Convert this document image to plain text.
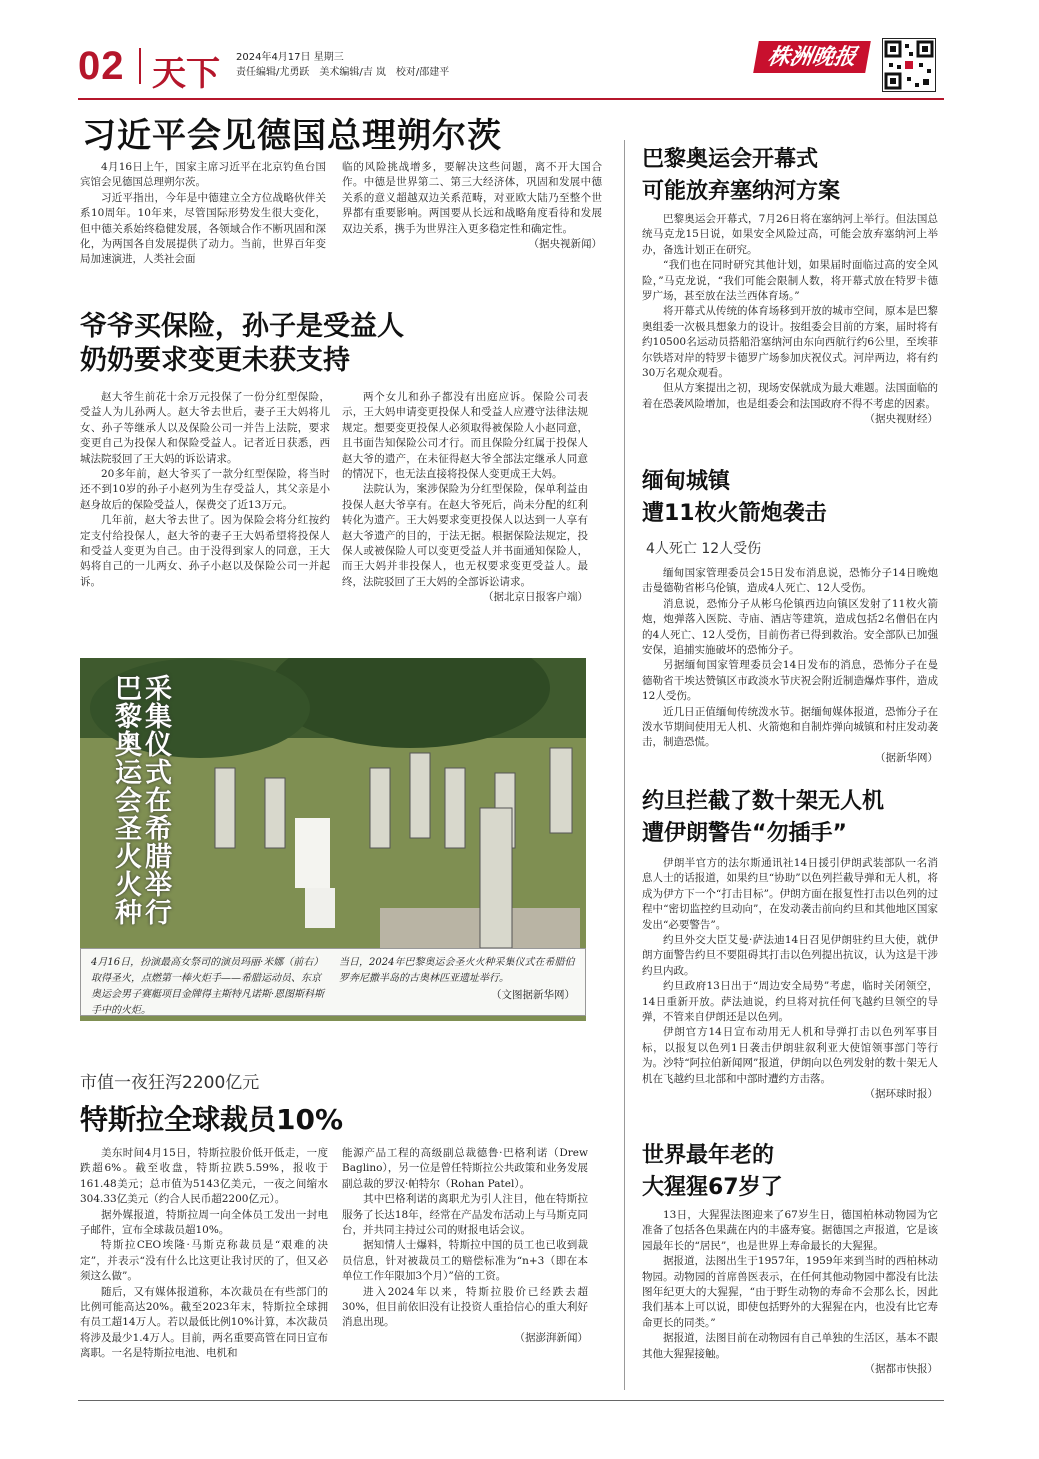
02 天下 2024年4月17日 星期三
责任编辑/尤勇跃　美术编辑/吉 岚　校对/邵建平
株洲晚报
习近平会见德国总理朔尔茨

4月16日上午，国家主席习近平在北京钓鱼台国宾馆会见德国总理朔尔茨。

习近平指出，今年是中德建立全方位战略伙伴关系10周年。10年来，尽管国际形势发生很大变化，但中德关系始终稳健发展，各领域合作不断巩固和深化，为两国各自发展提供了动力。当前，世界百年变局加速演进，人类社会面

临的风险挑战增多，要解决这些问题，离不开大国合作。中德是世界第二、第三大经济体，巩固和发展中德关系的意义超越双边关系范畴，对亚欧大陆乃至整个世界都有重要影响。两国要从长远和战略角度看待和发展双边关系，携手为世界注入更多稳定性和确定性。

（据央视新闻）
爷爷买保险，孙子是受益人
奶奶要求变更未获支持

赵大爷生前花十余万元投保了一份分红型保险，受益人为儿孙两人。赵大爷去世后，妻子王大妈将儿女、孙子等继承人以及保险公司一并告上法院，要求变更自己为投保人和保险受益人。记者近日获悉，西城法院驳回了王大妈的诉讼请求。

20多年前，赵大爷买了一款分红型保险，将当时还不到10岁的孙子小赵列为生存受益人，其父亲是小赵身故后的保险受益人，保费交了近13万元。

几年前，赵大爷去世了。因为保险会将分红按约定支付给投保人，赵大爷的妻子王大妈希望将投保人和受益人变更为自己。由于没得到家人的同意，王大妈将自己的一儿两女、孙子小赵以及保险公司一并起诉。

两个女儿和孙子都没有出庭应诉。保险公司表示，王大妈申请变更投保人和受益人应遵守法律法规规定。想要变更投保人必须取得被保险人小赵同意，且书面告知保险公司才行。而且保险分红属于投保人赵大爷的遗产，在未征得赵大爷全部法定继承人同意的情况下，也无法直接将投保人变更成王大妈。

法院认为，案涉保险为分红型保险，保单利益由投保人赵大爷享有。在赵大爷死后，尚未分配的红利转化为遗产。王大妈要求变更投保人以达到一人享有赵大爷遗产的目的，于法无据。根据保险法规定，投保人或被保险人可以变更受益人并书面通知保险人，而王大妈并非投保人，也无权要求变更受益人。最终，法院驳回了王大妈的全部诉讼请求。

（据北京日报客户端）
巴黎奥运会圣火火种 采集仪式在希腊举行
4月16日，扮演最高女祭司的演员玛丽·米娜（前右）取得圣火，点燃第一棒火炬手——希腊运动员、东京奥运会男子赛艇项目金牌得主斯特凡诺斯·恩图斯科斯手中的火炬。
当日，2024年巴黎奥运会圣火火种采集仪式在希腊伯罗奔尼撒半岛的古奥林匹亚遗址举行。
（文图据新华网）
市值一夜狂泻2200亿元
特斯拉全球裁员10%

美东时间4月15日，特斯拉股价低开低走，一度跌超6%。截至收盘，特斯拉跌5.59%，报收于161.48美元；总市值为5143亿美元，一夜之间缩水304.33亿美元（约合人民币超2200亿元）。

据外媒报道，特斯拉周一向全体员工发出一封电子邮件，宣布全球裁员超10%。

特斯拉CEO埃隆·马斯克称裁员是“艰难的决定”，并表示“没有什么比这更让我讨厌的了，但又必须这么做”。

随后，又有媒体报道称，本次裁员在有些部门的比例可能高达20%。截至2023年末，特斯拉全球拥有员工超14万人。若以最低比例10%计算，本次裁员将涉及最少1.4万人。目前，两名重要高管在同日宣布离职。一名是特斯拉电池、电机和

能源产品工程的高级副总裁德鲁·巴格利诺（Drew Baglino），另一位是曾任特斯拉公共政策和业务发展副总裁的罗汉·帕特尔（Rohan Patel）。

其中巴格利诺的离职尤为引人注目，他在特斯拉服务了长达18年，经常在产品发布活动上与马斯克同台，并共同主持过公司的财报电话会议。

据知情人士爆料，特斯拉中国的员工也已收到裁员信息，针对被裁员工的赔偿标准为“n+3（即在本单位工作年限加3个月）”倍的工资。

进入2024年以来，特斯拉股价已经跌去超30%，但目前依旧没有让投资人重拾信心的重大利好消息出现。

（据澎湃新闻）
巴黎奥运会开幕式
可能放弃塞纳河方案

巴黎奥运会开幕式，7月26日将在塞纳河上举行。但法国总统马克龙15日说，如果安全风险过高，可能会放弃塞纳河上举办，备选计划正在研究。

“我们也在同时研究其他计划，如果届时面临过高的安全风险，”马克龙说，“我们可能会限制人数，将开幕式放在特罗卡德罗广场，甚至放在法兰西体育场。”

将开幕式从传统的体育场移到开放的城市空间，原本是巴黎奥组委一次极具想象力的设计。按组委会目前的方案，届时将有约10500名运动员搭船沿塞纳河由东向西航行约6公里，至埃菲尔铁塔对岸的特罗卡德罗广场参加庆祝仪式。河岸两边，将有约30万名观众观看。

但从方案提出之初，现场安保就成为最大难题。法国面临的着在恐袭风险增加，也是组委会和法国政府不得不考虑的因素。

（据央视财经）
缅甸城镇
遭11枚火箭炮袭击
4人死亡 12人受伤

缅甸国家管理委员会15日发布消息说，恐怖分子14日晚炮击曼德勒省彬乌伦镇，造成4人死亡、12人受伤。

消息说，恐怖分子从彬乌伦镇西边向镇区发射了11枚火箭炮，炮弹落入医院、寺庙、酒店等建筑，造成包括2名僧侣在内的4人死亡、12人受伤，目前伤者已得到救治。安全部队已加强安保，追捕实施破坏的恐怖分子。

另据缅甸国家管理委员会14日发布的消息，恐怖分子在曼德勒省干埃达赞镇区市政淡水节庆祝会附近制造爆炸事件，造成12人受伤。

近几日正值缅甸传统泼水节。据缅甸媒体报道，恐怖分子在泼水节期间使用无人机、火箭炮和自制炸弹向城镇和村庄发动袭击，制造恐慌。

（据新华网）
约旦拦截了数十架无人机
遭伊朗警告“勿插手”

伊朗半官方的法尔斯通讯社14日援引伊朗武装部队一名消息人士的话报道，如果约旦“协助”以色列拦截导弹和无人机，将成为伊方下一个“打击目标”。伊朗方面在报复性打击以色列的过程中“密切监控约旦动向”，在发动袭击前向约旦和其他地区国家发出“必要警告”。

约旦外交大臣艾曼·萨法迪14日召见伊朗驻约旦大使，就伊朗方面警告约旦不要阻碍其打击以色列提出抗议，认为这是干涉约旦内政。

约旦政府13日出于“周边安全局势”考虑，临时关闭领空，14日重新开放。萨法迪说，约旦将对抗任何飞越约旦领空的导弹，不管来自伊朗还是以色列。

伊朗官方14日宣布动用无人机和导弹打击以色列军事目标，以报复以色列1日袭击伊朗驻叙利亚大使馆领事部门等行为。沙特“阿拉伯新闻网”报道，伊朗向以色列发射的数十架无人机在飞越约旦北部和中部时遭约方击落。

（据环球时报）
世界最年老的
大猩猩67岁了

13日，大猩猩法图迎来了67岁生日，德国柏林动物园为它准备了包括各色果蔬在内的丰盛寿宴。据德国之声报道，它是该园最年长的“居民”，也是世界上寿命最长的大猩猩。

据报道，法图出生于1957年，1959年来到当时的西柏林动物园。动物园的首席兽医表示，在任何其他动物园中都没有比法图年纪更大的大猩猩，“由于野生动物的寿命不会那么长，因此我们基本上可以说，即使包括野外的大猩猩在内，也没有比它寿命更长的同类。”

据报道，法图目前在动物园有自己单独的生活区，基本不跟其他大猩猩接触。

（据都市快报）
